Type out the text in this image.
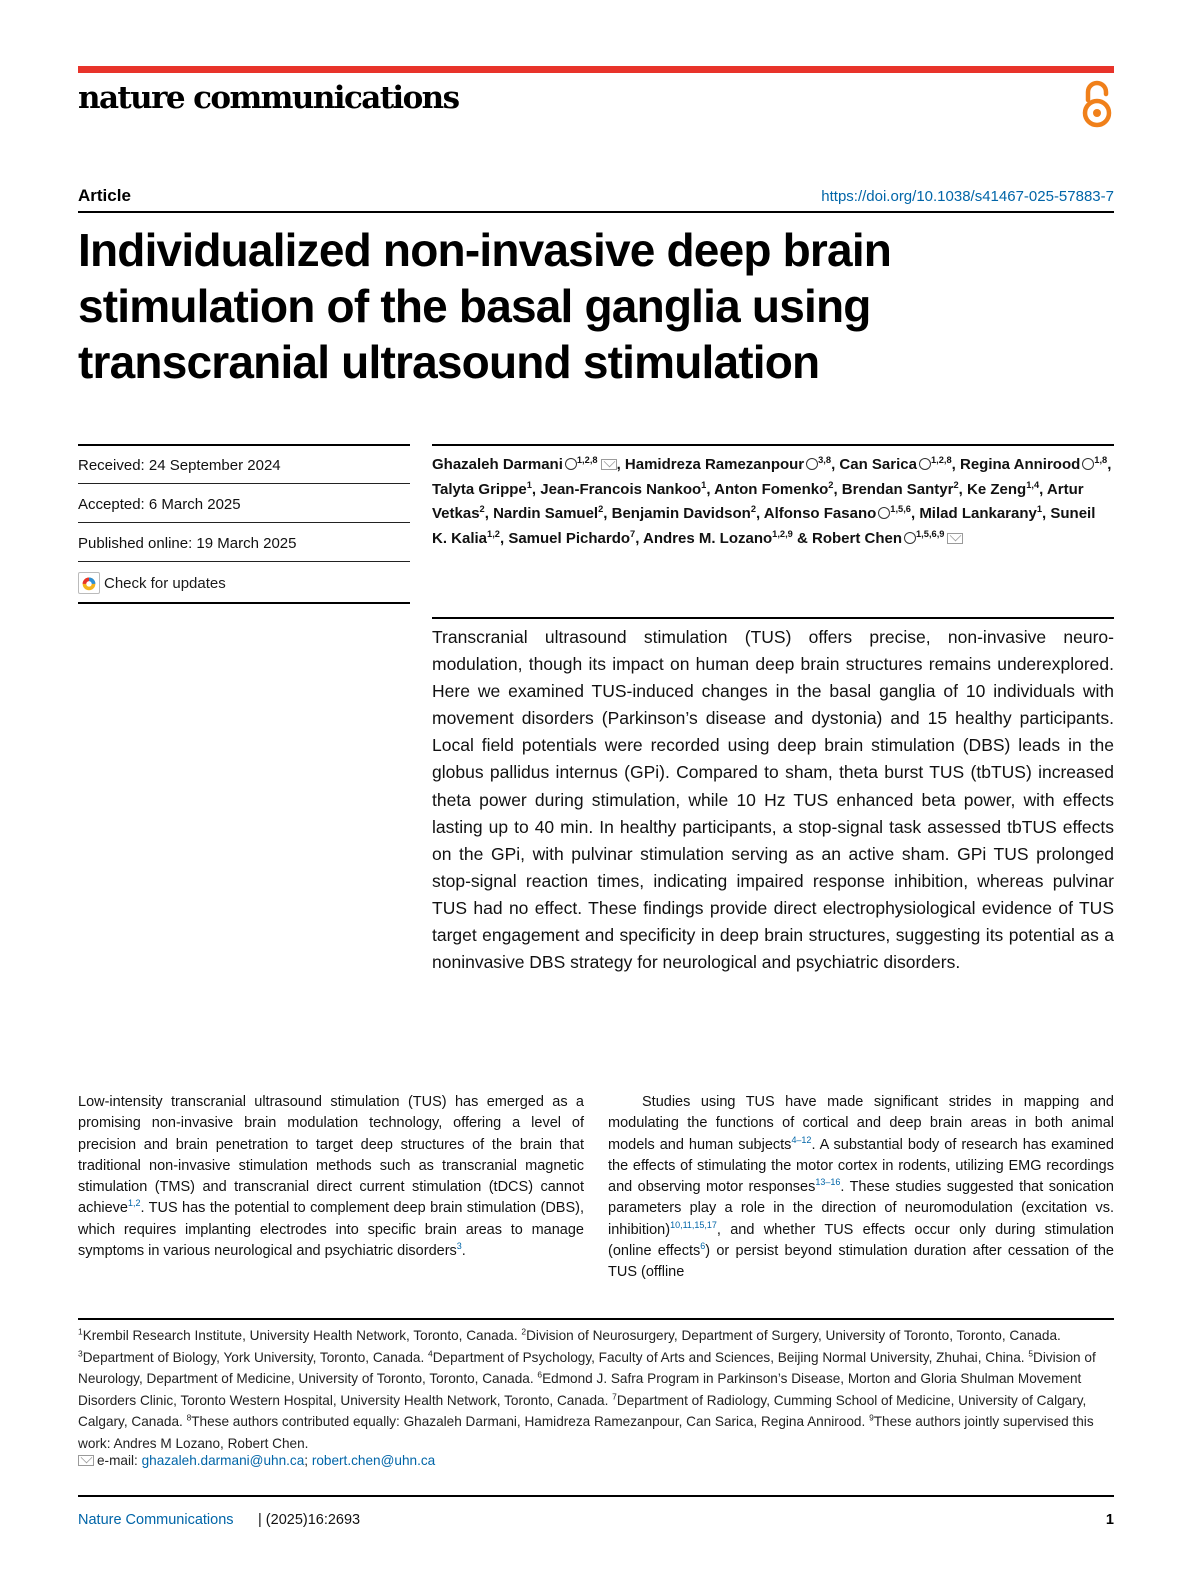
nature communications
Article	https://doi.org/10.1038/s41467-025-57883-7
Individualized non-invasive deep brain stimulation of the basal ganglia using transcranial ultrasound stimulation
Received: 24 September 2024
Accepted: 6 March 2025
Published online: 19 March 2025
Check for updates
Ghazaleh Darmani $^{1,2,8}$ , Hamidreza Ramezanpour $^{3,8}$, Can Sarica $^{1,2,8}$, Regina Annirood $^{1,8}$, Talyta Grippe$^1$, Jean-Francois Nankoo$^1$, Anton Fomenko$^2$, Brendan Santyr$^2$, Ke Zeng$^{1,4}$, Artur Vetkas$^2$, Nardin Samuel$^2$, Benjamin Davidson$^2$, Alfonso Fasano $^{1,5,6}$, Milad Lankarany$^1$, Suneil K. Kalia$^{1,2}$, Samuel Pichardo$^7$, Andres M. Lozano$^{1,2,9}$ & Robert Chen $^{1,5,6,9}$

Transcranial ultrasound stimulation (TUS) offers precise, non-invasive neuro-modulation, though its impact on human deep brain structures remains underexplored. Here we examined TUS-induced changes in the basal ganglia of 10 individuals with movement disorders (Parkinson’s disease and dystonia) and 15 healthy participants. Local field potentials were recorded using deep brain stimulation (DBS) leads in the globus pallidus internus (GPi). Compared to sham, theta burst TUS (tbTUS) increased theta power during stimulation, while 10 Hz TUS enhanced beta power, with effects lasting up to 40 min. In healthy participants, a stop-signal task assessed tbTUS effects on the GPi, with pulvinar stimulation serving as an active sham. GPi TUS prolonged stop-signal reaction times, indicating impaired response inhibition, whereas pulvinar TUS had no effect. These findings provide direct electrophysiological evidence of TUS target engagement and specificity in deep brain structures, suggesting its potential as a noninvasive DBS strategy for neurological and psychiatric disorders.

Low-intensity transcranial ultrasound stimulation (TUS) has emerged as a promising non-invasive brain modulation technology, offering a level of precision and brain penetration to target deep structures of the brain that traditional non-invasive stimulation methods such as transcranial magnetic stimulation (TMS) and transcranial direct current stimulation (tDCS) cannot achieve$^{1,2}$. TUS has the potential to complement deep brain stimulation (DBS), which requires implanting electrodes into specific brain areas to manage symptoms in various neurological and psychiatric disorders$^3$.

Studies using TUS have made significant strides in mapping and modulating the functions of cortical and deep brain areas in both animal models and human subjects$^{4-12}$. A substantial body of research has examined the effects of stimulating the motor cortex in rodents, utilizing EMG recordings and observing motor responses$^{13-16}$. These studies suggested that sonication parameters play a role in the direction of neuromodulation (excitation vs. inhibition)$^{10,11,15,17}$, and whether TUS effects occur only during stimulation (online effects$^6$) or persist beyond stimulation duration after cessation of the TUS (offline

$^1$Krembil Research Institute, University Health Network, Toronto, Canada. $^2$Division of Neurosurgery, Department of Surgery, University of Toronto, Toronto, Canada. $^3$Department of Biology, York University, Toronto, Canada. $^4$Department of Psychology, Faculty of Arts and Sciences, Beijing Normal University, Zhuhai, China. $^5$Division of Neurology, Department of Medicine, University of Toronto, Toronto, Canada. $^6$Edmond J. Safra Program in Parkinson’s Disease, Morton and Gloria Shulman Movement Disorders Clinic, Toronto Western Hospital, University Health Network, Toronto, Canada. $^7$Department of Radiology, Cumming School of Medicine, University of Calgary, Calgary, Canada. $^8$These authors contributed equally: Ghazaleh Darmani, Hamidreza Ramezanpour, Can Sarica, Regina Annirood. $^9$These authors jointly supervised this work: Andres M Lozano, Robert Chen.
e-mail:
ghazaleh.darmani@uhn.ca ;
robert.chen@uhn.ca
Nature Communications | (2025)16:2693	1
